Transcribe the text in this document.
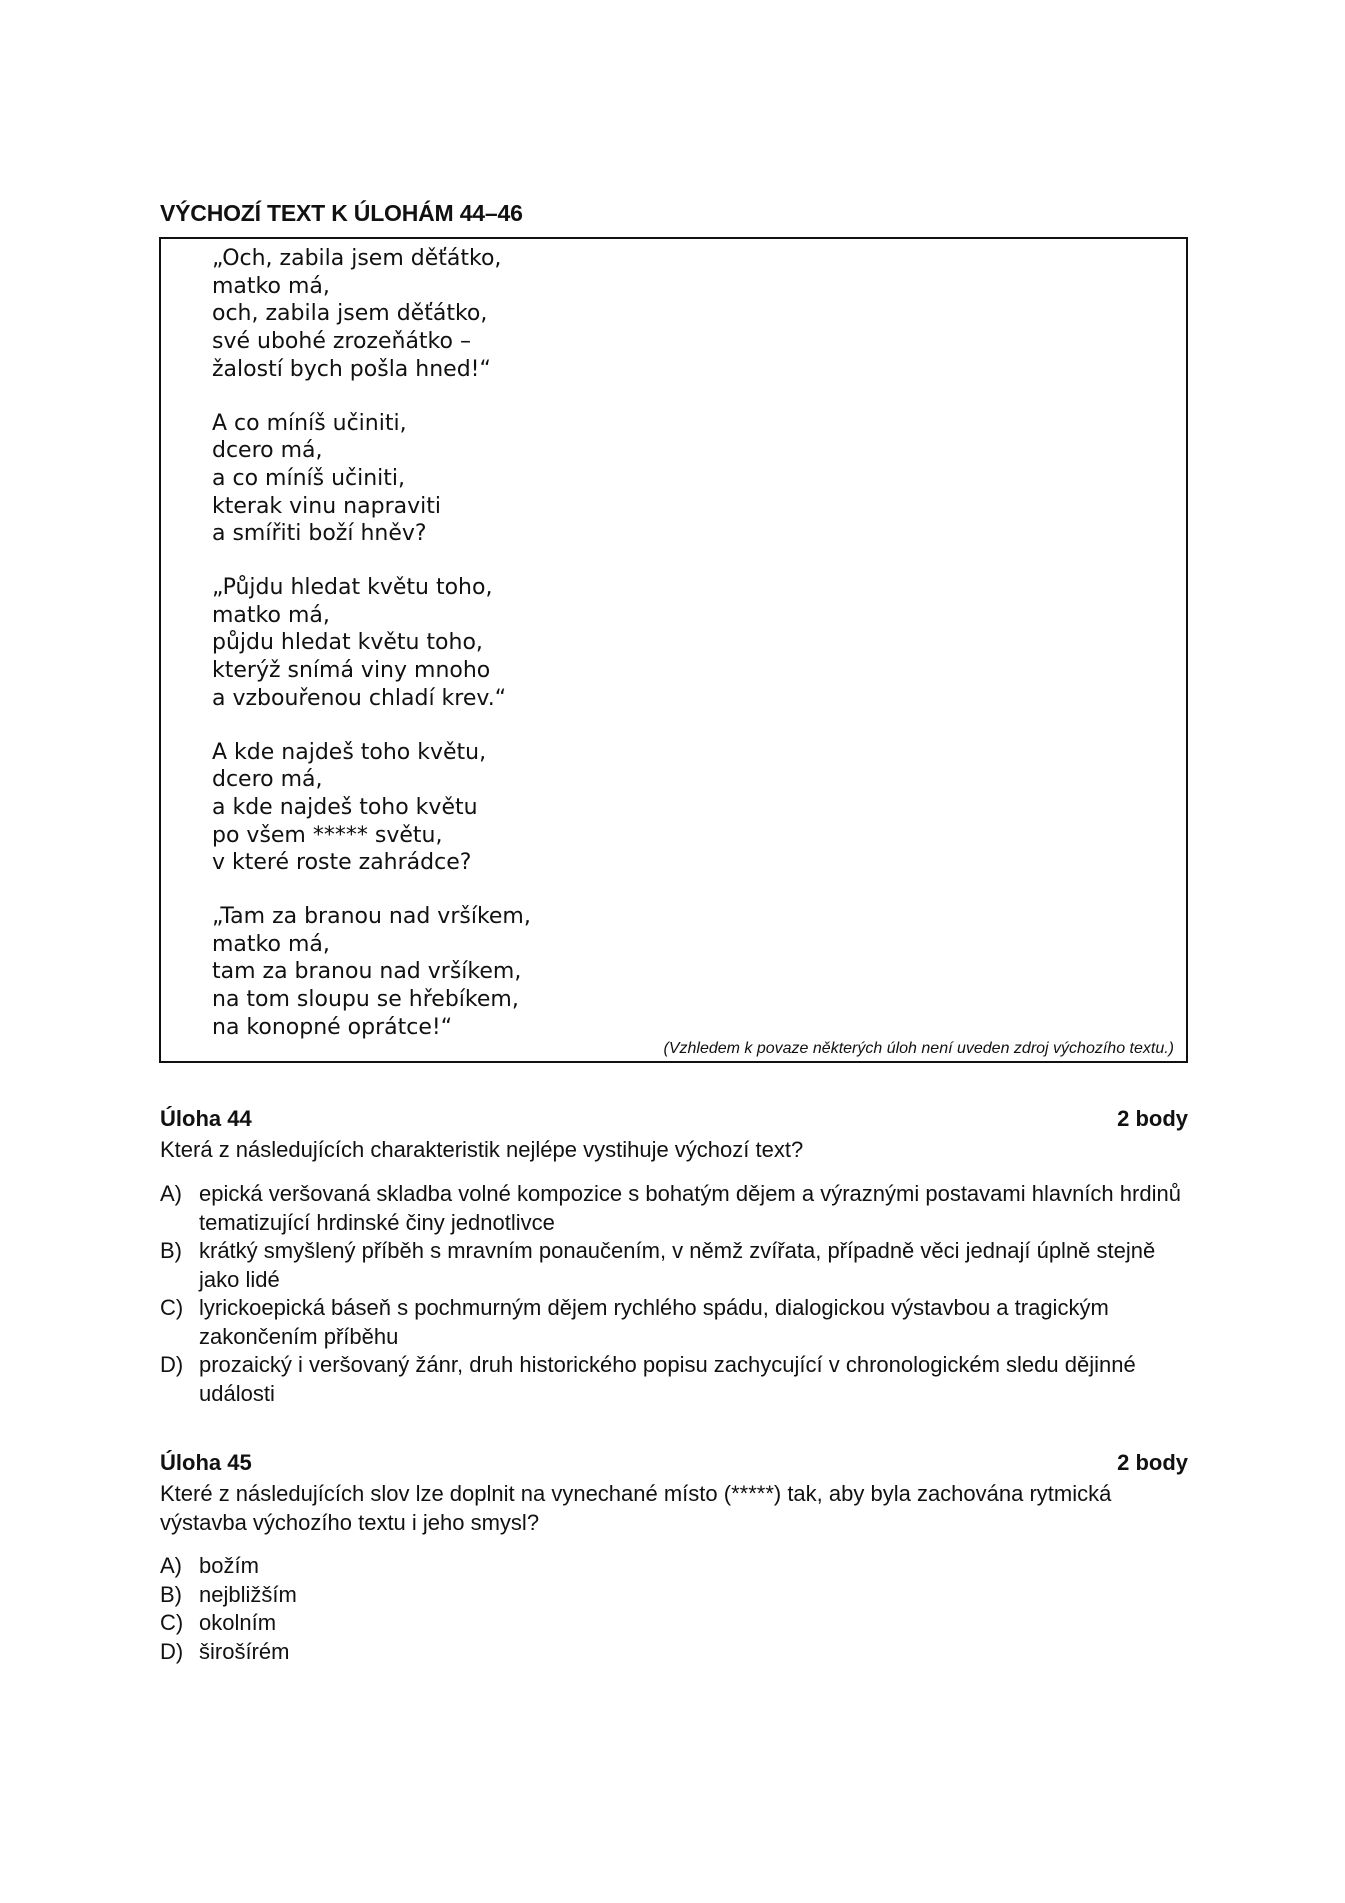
VÝCHOZÍ TEXT K ÚLOHÁM 44–46
„Och, zabila jsem děťátko,
matko má,
och, zabila jsem děťátko,
své ubohé zrozeňátko –
žalostí bych pošla hned!“
A co míníš učiniti,
dcero má,
a co míníš učiniti,
kterak vinu napraviti
a smířiti boží hněv?
„Půjdu hledat květu toho,
matko má,
půjdu hledat květu toho,
kterýž snímá viny mnoho
a vzbouřenou chladí krev.“
A kde najdeš toho květu,
dcero má,
a kde najdeš toho květu
po všem ***** světu,
v které roste zahrádce?
„Tam za branou nad vršíkem,
matko má,
tam za branou nad vršíkem,
na tom sloupu se hřebíkem,
na konopné oprátce!“
(Vzhledem k povaze některých úloh není uveden zdroj výchozího textu.)
Úloha 44	2 body
Která z následujících charakteristik nejlépe vystihuje výchozí text?
A) epická veršovaná skladba volné kompozice s bohatým dějem a výraznými postavami hlavních hrdinů tematizující hrdinské činy jednotlivce
B) krátký smyšlený příběh s mravním ponaučením, v němž zvířata, případně věci jednají úplně stejně jako lidé
C) lyrickoepická báseň s pochmurným dějem rychlého spádu, dialogickou výstavbou a tragickým zakončením příběhu
D) prozaický i veršovaný žánr, druh historického popisu zachycující v chronologickém sledu dějinné události
Úloha 45	2 body
Které z následujících slov lze doplnit na vynechané místo (*****) tak, aby byla zachována rytmická výstavba výchozího textu i jeho smysl?
A) božím
B) nejbližším
C) okolním
D) širošírém
